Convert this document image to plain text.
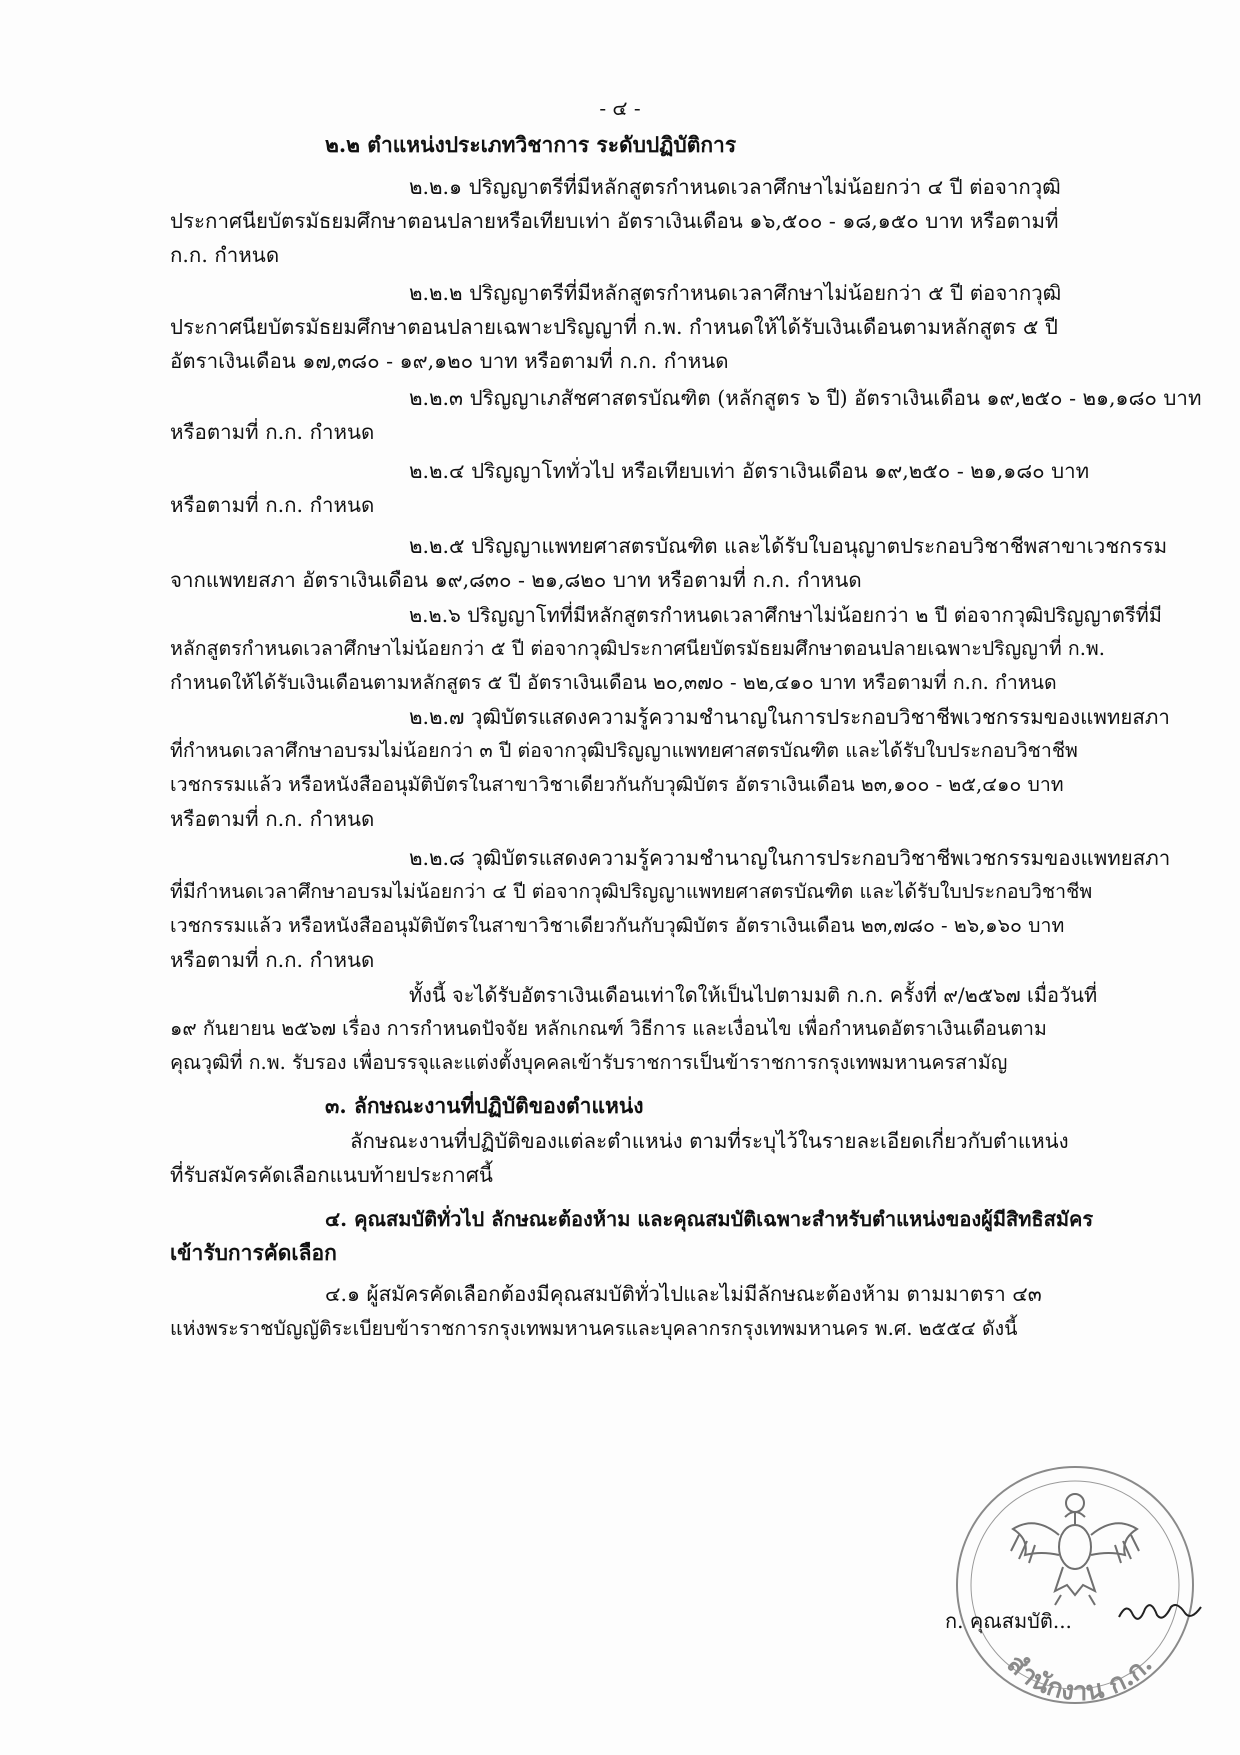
- ๔ -
๒.๒ ตำแหน่งประเภทวิชาการ ระดับปฏิบัติการ
๒.๒.๑ ปริญญาตรีที่มีหลักสูตรกำหนดเวลาศึกษาไม่น้อยกว่า ๔ ปี ต่อจากวุฒิ
ประกาศนียบัตรมัธยมศึกษาตอนปลายหรือเทียบเท่า อัตราเงินเดือน ๑๖,๕๐๐ - ๑๘,๑๕๐ บาท หรือตามที่
ก.ก. กำหนด
๒.๒.๒ ปริญญาตรีที่มีหลักสูตรกำหนดเวลาศึกษาไม่น้อยกว่า ๕ ปี ต่อจากวุฒิ
ประกาศนียบัตรมัธยมศึกษาตอนปลายเฉพาะปริญญาที่ ก.พ. กำหนดให้ได้รับเงินเดือนตามหลักสูตร ๕ ปี
อัตราเงินเดือน ๑๗,๓๘๐ - ๑๙,๑๒๐ บาท หรือตามที่ ก.ก. กำหนด
๒.๒.๓ ปริญญาเภสัชศาสตรบัณฑิต (หลักสูตร ๖ ปี) อัตราเงินเดือน ๑๙,๒๕๐ - ๒๑,๑๘๐ บาท
หรือตามที่ ก.ก. กำหนด
๒.๒.๔ ปริญญาโททั่วไป หรือเทียบเท่า อัตราเงินเดือน ๑๙,๒๕๐ - ๒๑,๑๘๐ บาท
หรือตามที่ ก.ก. กำหนด
๒.๒.๕ ปริญญาแพทยศาสตรบัณฑิต และได้รับใบอนุญาตประกอบวิชาชีพสาขาเวชกรรม
จากแพทยสภา อัตราเงินเดือน ๑๙,๘๓๐ - ๒๑,๘๒๐ บาท หรือตามที่ ก.ก. กำหนด
๒.๒.๖ ปริญญาโทที่มีหลักสูตรกำหนดเวลาศึกษาไม่น้อยกว่า ๒ ปี ต่อจากวุฒิปริญญาตรีที่มี
หลักสูตรกำหนดเวลาศึกษาไม่น้อยกว่า ๕ ปี ต่อจากวุฒิประกาศนียบัตรมัธยมศึกษาตอนปลายเฉพาะปริญญาที่ ก.พ.
กำหนดให้ได้รับเงินเดือนตามหลักสูตร ๕ ปี อัตราเงินเดือน ๒๐,๓๗๐ - ๒๒,๔๑๐ บาท หรือตามที่ ก.ก. กำหนด
๒.๒.๗ วุฒิบัตรแสดงความรู้ความชำนาญในการประกอบวิชาชีพเวชกรรมของแพทยสภา
ที่กำหนดเวลาศึกษาอบรมไม่น้อยกว่า ๓ ปี ต่อจากวุฒิปริญญาแพทยศาสตรบัณฑิต และได้รับใบประกอบวิชาชีพ
เวชกรรมแล้ว หรือหนังสืออนุมัติบัตรในสาขาวิชาเดียวกันกับวุฒิบัตร อัตราเงินเดือน ๒๓,๑๐๐ - ๒๕,๔๑๐ บาท
หรือตามที่ ก.ก. กำหนด
๒.๒.๘ วุฒิบัตรแสดงความรู้ความชำนาญในการประกอบวิชาชีพเวชกรรมของแพทยสภา
ที่มีกำหนดเวลาศึกษาอบรมไม่น้อยกว่า ๔ ปี ต่อจากวุฒิปริญญาแพทยศาสตรบัณฑิต และได้รับใบประกอบวิชาชีพ
เวชกรรมแล้ว หรือหนังสืออนุมัติบัตรในสาขาวิชาเดียวกันกับวุฒิบัตร อัตราเงินเดือน ๒๓,๗๘๐ - ๒๖,๑๖๐ บาท
หรือตามที่ ก.ก. กำหนด
ทั้งนี้ จะได้รับอัตราเงินเดือนเท่าใดให้เป็นไปตามมติ ก.ก. ครั้งที่ ๙/๒๕๖๗ เมื่อวันที่
๑๙ กันยายน ๒๕๖๗ เรื่อง การกำหนดปัจจัย หลักเกณฑ์ วิธีการ และเงื่อนไข เพื่อกำหนดอัตราเงินเดือนตาม
คุณวุฒิที่ ก.พ. รับรอง เพื่อบรรจุและแต่งตั้งบุคคลเข้ารับราชการเป็นข้าราชการกรุงเทพมหานครสามัญ
๓. ลักษณะงานที่ปฏิบัติของตำแหน่ง
ลักษณะงานที่ปฏิบัติของแต่ละตำแหน่ง ตามที่ระบุไว้ในรายละเอียดเกี่ยวกับตำแหน่ง
ที่รับสมัครคัดเลือกแนบท้ายประกาศนี้
๔. คุณสมบัติทั่วไป ลักษณะต้องห้าม และคุณสมบัติเฉพาะสำหรับตำแหน่งของผู้มีสิทธิสมัคร
เข้ารับการคัดเลือก
๔.๑ ผู้สมัครคัดเลือกต้องมีคุณสมบัติทั่วไปและไม่มีลักษณะต้องห้าม ตามมาตรา ๔๓
แห่งพระราชบัญญัติระเบียบข้าราชการกรุงเทพมหานครและบุคลากรกรุงเทพมหานคร พ.ศ. ๒๕๕๔ ดังนี้
สำนักงาน ก.ก.
ก. คุณสมบัติ...
